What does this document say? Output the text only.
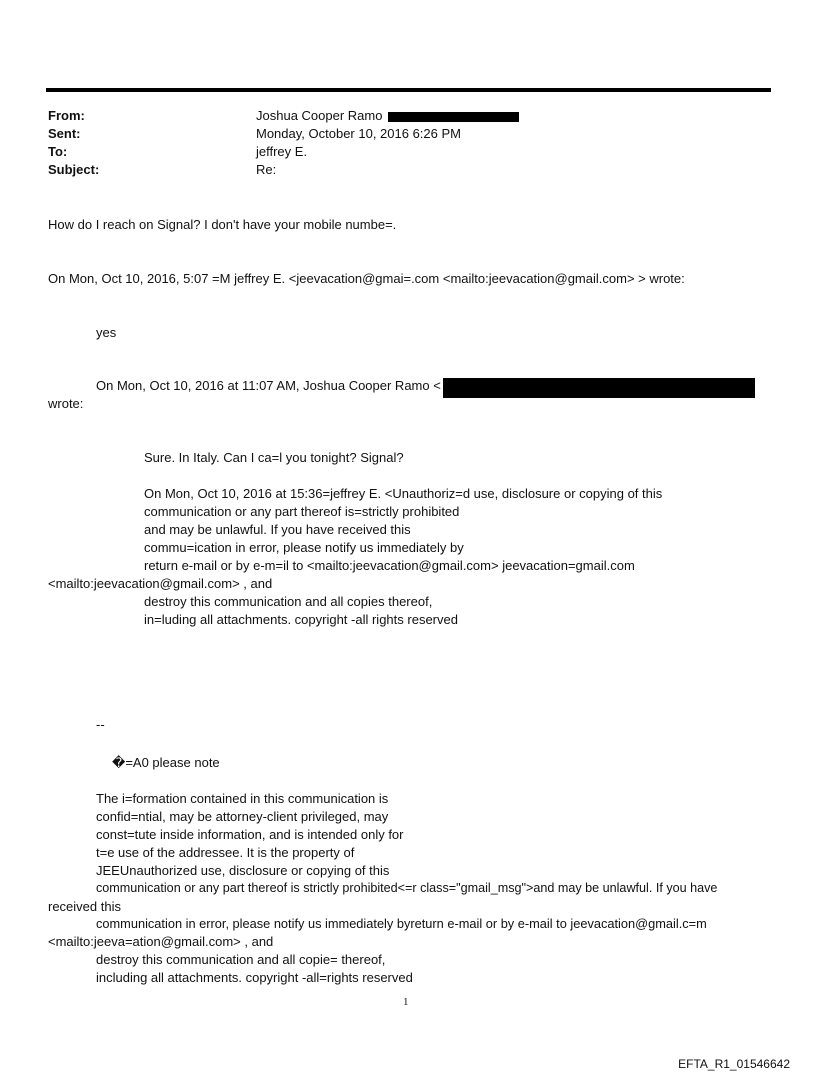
From:	Joshua Cooper Ramo
Sent:	Monday, October 10, 2016 6:26 PM
To:	jeffrey E.
Subject:	Re:
How do I reach on Signal? I don't have your mobile numbe=.
On Mon, Oct 10, 2016, 5:07 =M jeffrey E. <jeevacation@gmai=.com <mailto:jeevacation@gmail.com> > wrote:
yes
On Mon, Oct 10, 2016 at 11:07 AM, Joshua Cooper Ramo <
wrote:
Sure. In Italy. Can I ca=l you tonight? Signal?
On Mon, Oct 10, 2016 at 15:36=jeffrey E. <Unauthoriz=d use, disclosure or copying of this
communication or any part thereof is=strictly prohibited
and may be unlawful. If you have received this
commu=ication in error, please notify us immediately by
return e-mail or by e-m=il to <mailto:jeevacation@gmail.com> jeevacation=gmail.com
<mailto:jeevacation@gmail.com> , and
destroy this communication and all copies thereof,
in=luding all attachments. copyright -all rights reserved
--
�=A0 please note
The i=formation contained in this communication is
confid=ntial, may be attorney-client privileged, may
const=tute inside information, and is intended only for
t=e use of the addressee. It is the property of
JEEUnauthorized use, disclosure or copying of this
communication or any part thereof is strictly prohibited<=r class="gmail_msg">and may be unlawful. If you have
received this
communication in error, please notify us immediately byreturn e-mail or by e-mail to jeevacation@gmail.c=m
<mailto:jeeva=ation@gmail.com> , and
destroy this communication and all copie= thereof,
including all attachments. copyright -all=rights reserved
1
EFTA_R1_01546642
